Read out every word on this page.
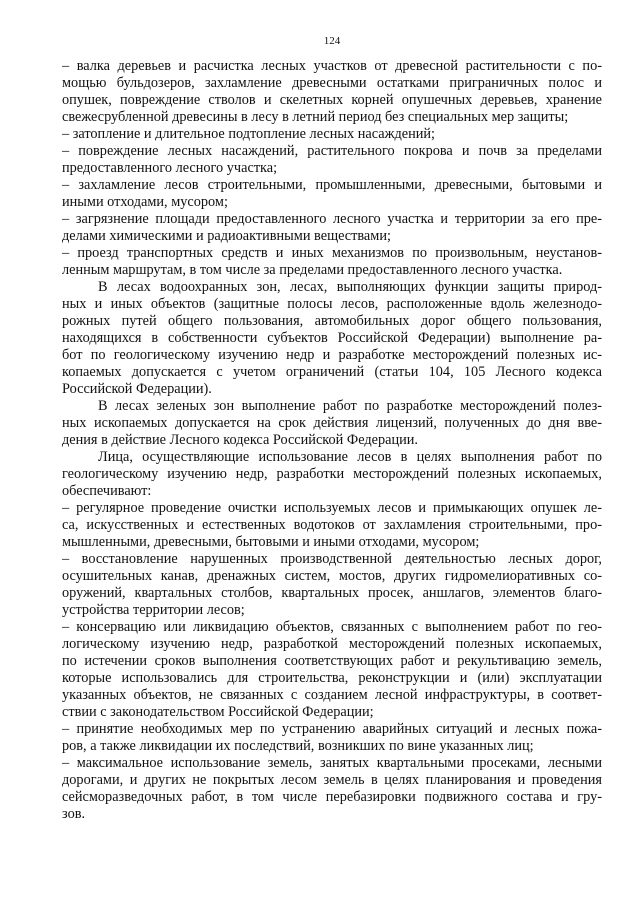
124
– валка деревьев и расчистка лесных участков от древесной растительности с по-
мощью бульдозеров, захламление древесными остатками приграничных полос и
опушек, повреждение стволов и скелетных корней опушечных деревьев, хранение
свежесрубленной древесины в лесу в летний период без специальных мер защиты;
– затопление и длительное подтопление лесных насаждений;
– повреждение лесных насаждений, растительного покрова и почв за пределами
предоставленного лесного участка;
– захламление лесов строительными, промышленными, древесными, бытовыми и
иными отходами, мусором;
– загрязнение площади предоставленного лесного участка и территории за его пре-
делами химическими и радиоактивными веществами;
– проезд транспортных средств и иных механизмов по произвольным, неустанов-
ленным маршрутам, в том числе за пределами предоставленного лесного участка.
В лесах водоохранных зон, лесах, выполняющих функции защиты природ-
ных и иных объектов (защитные полосы лесов, расположенные вдоль железнодо-
рожных путей общего пользования, автомобильных дорог общего пользования,
находящихся в собственности субъектов Российской Федерации) выполнение ра-
бот по геологическому изучению недр и разработке месторождений полезных ис-
копаемых допускается с учетом ограничений (статьи 104, 105 Лесного кодекса
Российской Федерации).
В лесах зеленых зон выполнение работ по разработке месторождений полез-
ных ископаемых допускается на срок действия лицензий, полученных до дня вве-
дения в действие Лесного кодекса Российской Федерации.
Лица, осуществляющие использование лесов в целях выполнения работ по
геологическому изучению недр, разработки месторождений полезных ископаемых,
обеспечивают:
– регулярное проведение очистки используемых лесов и примыкающих опушек ле-
са, искусственных и естественных водотоков от захламления строительными, про-
мышленными, древесными, бытовыми и иными отходами, мусором;
– восстановление нарушенных производственной деятельностью лесных дорог,
осушительных канав, дренажных систем, мостов, других гидромелиоративных со-
оружений, квартальных столбов, квартальных просек, аншлагов, элементов благо-
устройства территории лесов;
– консервацию или ликвидацию объектов, связанных с выполнением работ по гео-
логическому изучению недр, разработкой месторождений полезных ископаемых,
по истечении сроков выполнения соответствующих работ и рекультивацию земель,
которые использовались для строительства, реконструкции и (или) эксплуатации
указанных объектов, не связанных с созданием лесной инфраструктуры, в соответ-
ствии с законодательством Российской Федерации;
– принятие необходимых мер по устранению аварийных ситуаций и лесных пожа-
ров, а также ликвидации их последствий, возникших по вине указанных лиц;
– максимальное использование земель, занятых квартальными просеками, лесными
дорогами, и других не покрытых лесом земель в целях планирования и проведения
сейсморазведочных работ, в том числе перебазировки подвижного состава и гру-
зов.
